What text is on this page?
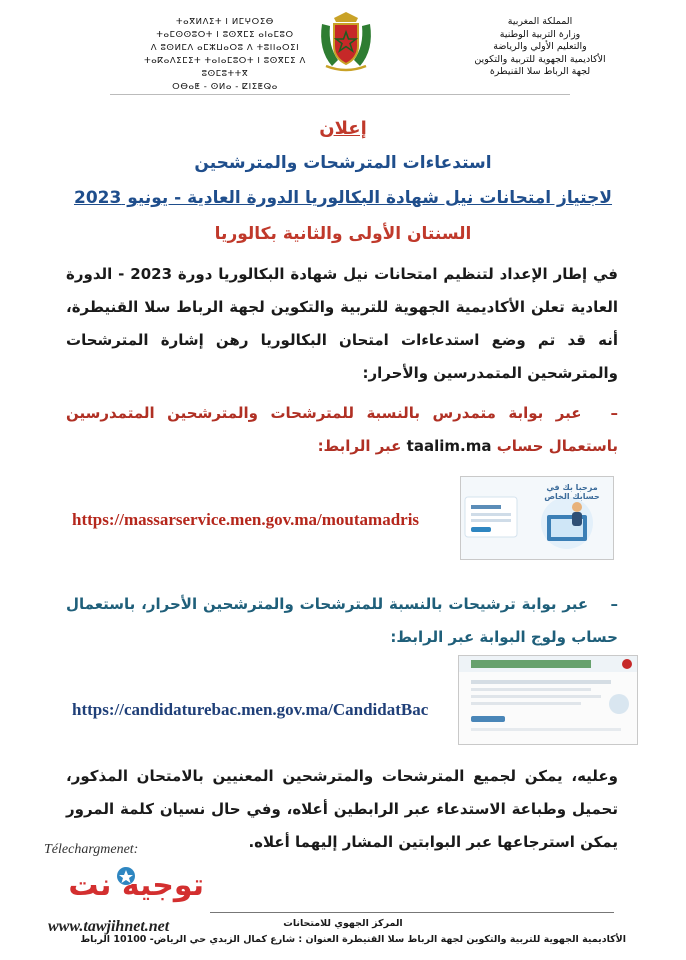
ⵜⴰⴳⵍⴷⵉⵜ ⵏ ⵍⵎⵖⵔⵉⴱ
ⵜⴰⵎⵙⵙⵓⵔⵜ ⵏ ⵓⵙⴳⵎⵉ ⴰⵏⴰⵎⵓⵔ
ⴷ ⵓⵙⵍⵎⴷ ⴰⵎⵣⵡⴰⵔⵓ ⴷ ⵜⵓⵏⵏⴰⵔⵉⵏ
ⵜⴰⴽⴰⴷⵉⵎⵉⵜ ⵜⴰⵏⴰⵎⵓⵔⵜ ⵏ ⵓⵙⴳⵎⵉ ⴷ ⵓⵙⵎⵓⵜⵜⴳ
ⵔⴱⴰⵟ - ⵙⵍⴰ - ⵇⵏⵉⵟⵕⴰ
المملكة المغربية
وزارة التربية الوطنية
والتعليم الأولي والرياضة
الأكاديمية الجهوية للتربية والتكوين
لجهة الرباط سلا القنيطرة
إعلان
استدعاءات المترشحات والمترشحين
لاجتياز امتحانات نيل شهادة البكالوريا الدورة العادية - يونيو 2023
السنتان الأولى والثانية بكالوريا
في إطار الإعداد لتنظيم امتحانات نيل شهادة البكالوريا دورة 2023 - الدورة العادية تعلن الأكاديمية الجهوية للتربية والتكوين لجهة الرباط سلا القنيطرة، أنه قد تم وضع استدعاءات امتحان البكالوريا رهن إشارة المترشحات والمترشحين المتمدرسين والأحرار:
– عبر بوابة متمدرس بالنسبة للمترشحات والمترشحين المتمدرسين باستعمال حساب taalim.ma عبر الرابط:
مرحبا بك في حسابك الخاص
https://massarservice.men.gov.ma/moutamadris
– عبر بوابة ترشيحات بالنسبة للمترشحات والمترشحين الأحرار، باستعمال حساب ولوج البوابة عبر الرابط:
https://candidaturebac.men.gov.ma/CandidatBac
وعليه، يمكن لجميع المترشحات والمترشحين المعنيين بالامتحان المذكور، تحميل وطباعة الاستدعاء عبر الرابطين أعلاه، وفي حال نسيان كلمة المرور يمكن استرجاعها عبر البوابتين المشار إليهما أعلاه.
Télechargmenet:
توجيه نت
www.tawjihnet.net	المركز الجهوي للامتحانات
الأكاديمية الجهوية للتربية والتكوين لجهة الرباط سلا القنيطرة العنوان : شارع كمال الزبدي حي الرياض- 10100 الرباط
